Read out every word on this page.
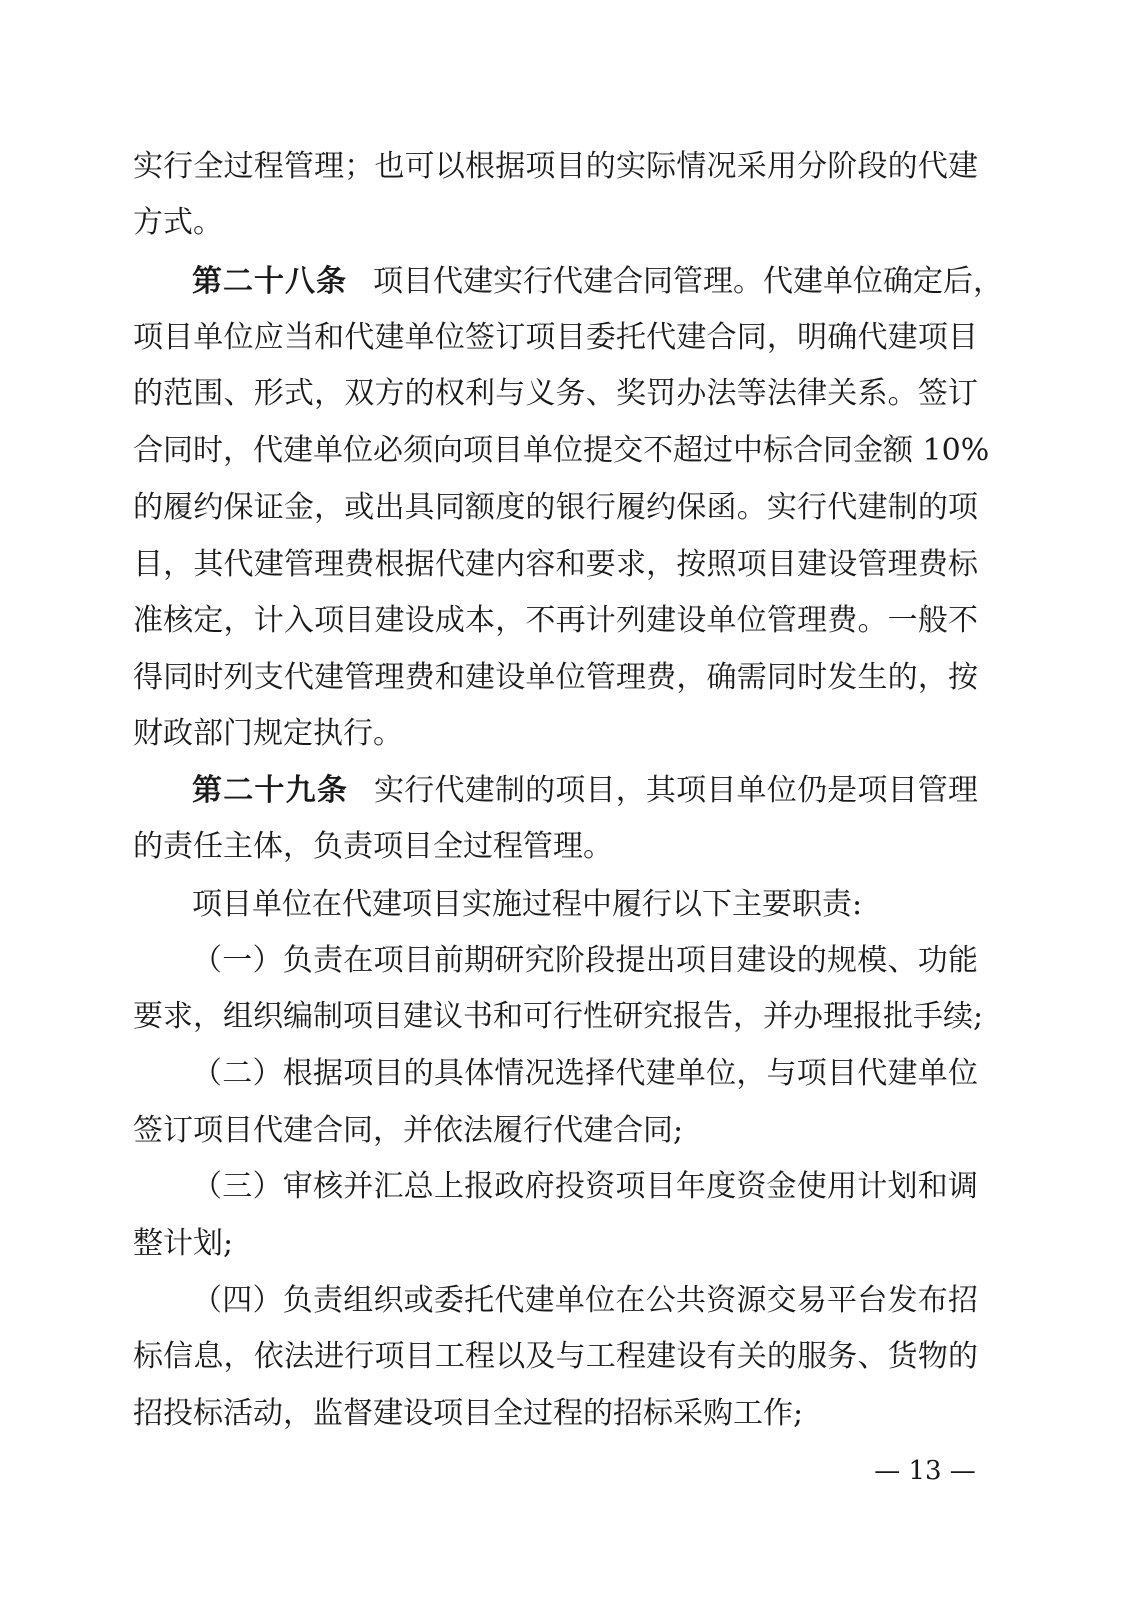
实行全过程管理；也可以根据项目的实际情况采用分阶段的代建
方式。
第二十八条 项目代建实行代建合同管理。代建单位确定后，
项目单位应当和代建单位签订项目委托代建合同，明确代建项目
的范围、形式，双方的权利与义务、奖罚办法等法律关系。签订
合同时，代建单位必须向项目单位提交不超过中标合同金额 10%
的履约保证金，或出具同额度的银行履约保函。实行代建制的项
目，其代建管理费根据代建内容和要求，按照项目建设管理费标
准核定，计入项目建设成本，不再计列建设单位管理费。一般不
得同时列支代建管理费和建设单位管理费，确需同时发生的，按
财政部门规定执行。
第二十九条 实行代建制的项目，其项目单位仍是项目管理
的责任主体，负责项目全过程管理。
项目单位在代建项目实施过程中履行以下主要职责:
（一）负责在项目前期研究阶段提出项目建设的规模、功能
要求，组织编制项目建议书和可行性研究报告，并办理报批手续;
（二）根据项目的具体情况选择代建单位，与项目代建单位
签订项目代建合同，并依法履行代建合同;
（三）审核并汇总上报政府投资项目年度资金使用计划和调
整计划;
（四）负责组织或委托代建单位在公共资源交易平台发布招
标信息，依法进行项目工程以及与工程建设有关的服务、货物的
招投标活动，监督建设项目全过程的招标采购工作;
— 13 —
